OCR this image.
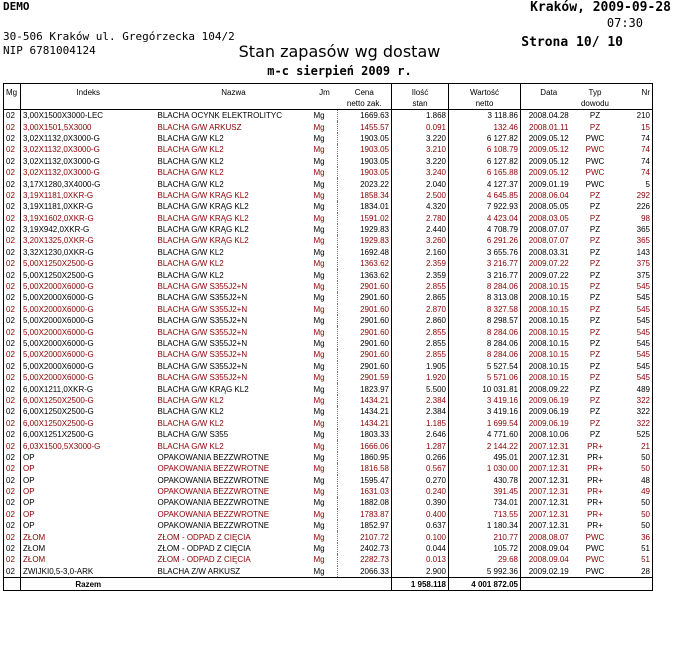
DEMO	Kraków, 2009-09-28
07:30
30-506 Kraków ul. Gregórzecka 104/2
NIP 6781004124
Strona 10/ 10
Stan zapasów wg dostaw
m-c sierpień 2009 r.
Mg	Indeks	Nazwa	Jm	Cena	Ilość	Wartość	Data	Typ	Nr
				netto zak.	stan	netto		dowodu	
02	3,00X1500X3000-LEC	BLACHA OCYNK ELEKTROLITYC	Mg	1669.63	1.868	3 118.86	2008.04.28	PZ	210
02	3,00X1501,5X3000	BLACHA G/W ARKUSZ	Mg	1455.57	0.091	132.46	2008.01.11	PZ	15
02	3,02X1132,0X3000-G	BLACHA G/W KL2	Mg	1903.05	3.220	6 127.82	2009.05.12	PWC	74
02	3,02X1132,0X3000-G	BLACHA G/W KL2	Mg	1903.05	3.210	6 108.79	2009.05.12	PWC	74
02	3,02X1132,0X3000-G	BLACHA G/W KL2	Mg	1903.05	3.220	6 127.82	2009.05.12	PWC	74
02	3,02X1132,0X3000-G	BLACHA G/W KL2	Mg	1903.05	3.240	6 165.88	2009.05.12	PWC	74
02	3,17X1280,3X4000-G	BLACHA G/W KL2	Mg	2023.22	2.040	4 127.37	2009.01.19	PWC	5
02	3,19X1181,0XKR-G	BLACHA G/W KRĄG KL2	Mg	1858.34	2.500	4 645.85	2008.06.04	PZ	292
02	3,19X1181,0XKR-G	BLACHA G/W KRĄG KL2	Mg	1834.01	4.320	7 922.93	2008.05.05	PZ	226
02	3,19X1602,0XKR-G	BLACHA G/W KRĄG KL2	Mg	1591.02	2.780	4 423.04	2008.03.05	PZ	98
02	3,19X942,0XKR-G	BLACHA G/W KRĄG KL2	Mg	1929.83	2.440	4 708.79	2008.07.07	PZ	365
02	3,20X1325,0XKR-G	BLACHA G/W KRĄG KL2	Mg	1929.83	3.260	6 291.26	2008.07.07	PZ	365
02	3,32X1230,0XKR-G	BLACHA G/W KL2	Mg	1692.48	2.160	3 655.76	2008.03.31	PZ	143
02	5,00X1250X2500-G	BLACHA G/W KL2	Mg	1363.62	2.359	3 216.77	2009.07.22	PZ	375
02	5,00X1250X2500-G	BLACHA G/W KL2	Mg	1363.62	2.359	3 216.77	2009.07.22	PZ	375
02	5,00X2000X6000-G	BLACHA G/W S355J2+N	Mg	2901.60	2.855	8 284.06	2008.10.15	PZ	545
02	5,00X2000X6000-G	BLACHA G/W S355J2+N	Mg	2901.60	2.865	8 313.08	2008.10.15	PZ	545
02	5,00X2000X6000-G	BLACHA G/W S355J2+N	Mg	2901.60	2.870	8 327.58	2008.10.15	PZ	545
02	5,00X2000X6000-G	BLACHA G/W S355J2+N	Mg	2901.60	2.860	8 298.57	2008.10.15	PZ	545
02	5,00X2000X6000-G	BLACHA G/W S355J2+N	Mg	2901.60	2.855	8 284.06	2008.10.15	PZ	545
02	5,00X2000X6000-G	BLACHA G/W S355J2+N	Mg	2901.60	2.855	8 284.06	2008.10.15	PZ	545
02	5,00X2000X6000-G	BLACHA G/W S355J2+N	Mg	2901.60	2.855	8 284.06	2008.10.15	PZ	545
02	5,00X2000X6000-G	BLACHA G/W S355J2+N	Mg	2901.60	1.905	5 527.54	2008.10.15	PZ	545
02	5,00X2000X6000-G	BLACHA G/W S355J2+N	Mg	2901.59	1.920	5 571.06	2008.10.15	PZ	545
02	6,00X1211,0XKR-G	BLACHA G/W KRĄG KL2	Mg	1823.97	5.500	10 031.81	2008.09.22	PZ	489
02	6,00X1250X2500-G	BLACHA G/W KL2	Mg	1434.21	2.384	3 419.16	2009.06.19	PZ	322
02	6,00X1250X2500-G	BLACHA G/W KL2	Mg	1434.21	2.384	3 419.16	2009.06.19	PZ	322
02	6,00X1250X2500-G	BLACHA G/W KL2	Mg	1434.21	1.185	1 699.54	2009.06.19	PZ	322
02	6,00X1251X2500-G	BLACHA G/W S355	Mg	1803.33	2.646	4 771.60	2008.10.06	PZ	525
02	6,03X1500,5X3000-G	BLACHA G/W KL2	Mg	1666.06	1.287	2 144.22	2007.12.31	PR+	21
02	OP	OPAKOWANIA BEZZWROTNE	Mg	1860.95	0.266	495.01	2007.12.31	PR+	50
02	OP	OPAKOWANIA BEZZWROTNE	Mg	1816.58	0.567	1 030.00	2007.12.31	PR+	50
02	OP	OPAKOWANIA BEZZWROTNE	Mg	1595.47	0.270	430.78	2007.12.31	PR+	48
02	OP	OPAKOWANIA BEZZWROTNE	Mg	1631.03	0.240	391.45	2007.12.31	PR+	49
02	OP	OPAKOWANIA BEZZWROTNE	Mg	1882.08	0.390	734.01	2007.12.31	PR+	50
02	OP	OPAKOWANIA BEZZWROTNE	Mg	1783.87	0.400	713.55	2007.12.31	PR+	50
02	OP	OPAKOWANIA BEZZWROTNE	Mg	1852.97	0.637	1 180.34	2007.12.31	PR+	50
02	ZŁOM	ZŁOM - ODPAD Z CIĘCIA	Mg	2107.72	0.100	210.77	2008.08.07	PWC	36
02	ZŁOM	ZŁOM - ODPAD Z CIĘCIA	Mg	2402.73	0.044	105.72	2008.09.04	PWC	51
02	ZŁOM	ZŁOM - ODPAD Z CIĘCIA	Mg	2282.73	0.013	29.68	2008.09.04	PWC	51
02	ZWIJKI0,5-3,0-ARK	BLACHA Z/W ARKUSZ	Mg	2066.33	2.900	5 992.36	2009.02.19	PWC	28
	Razem				1 958.118	4 001 872.05			
